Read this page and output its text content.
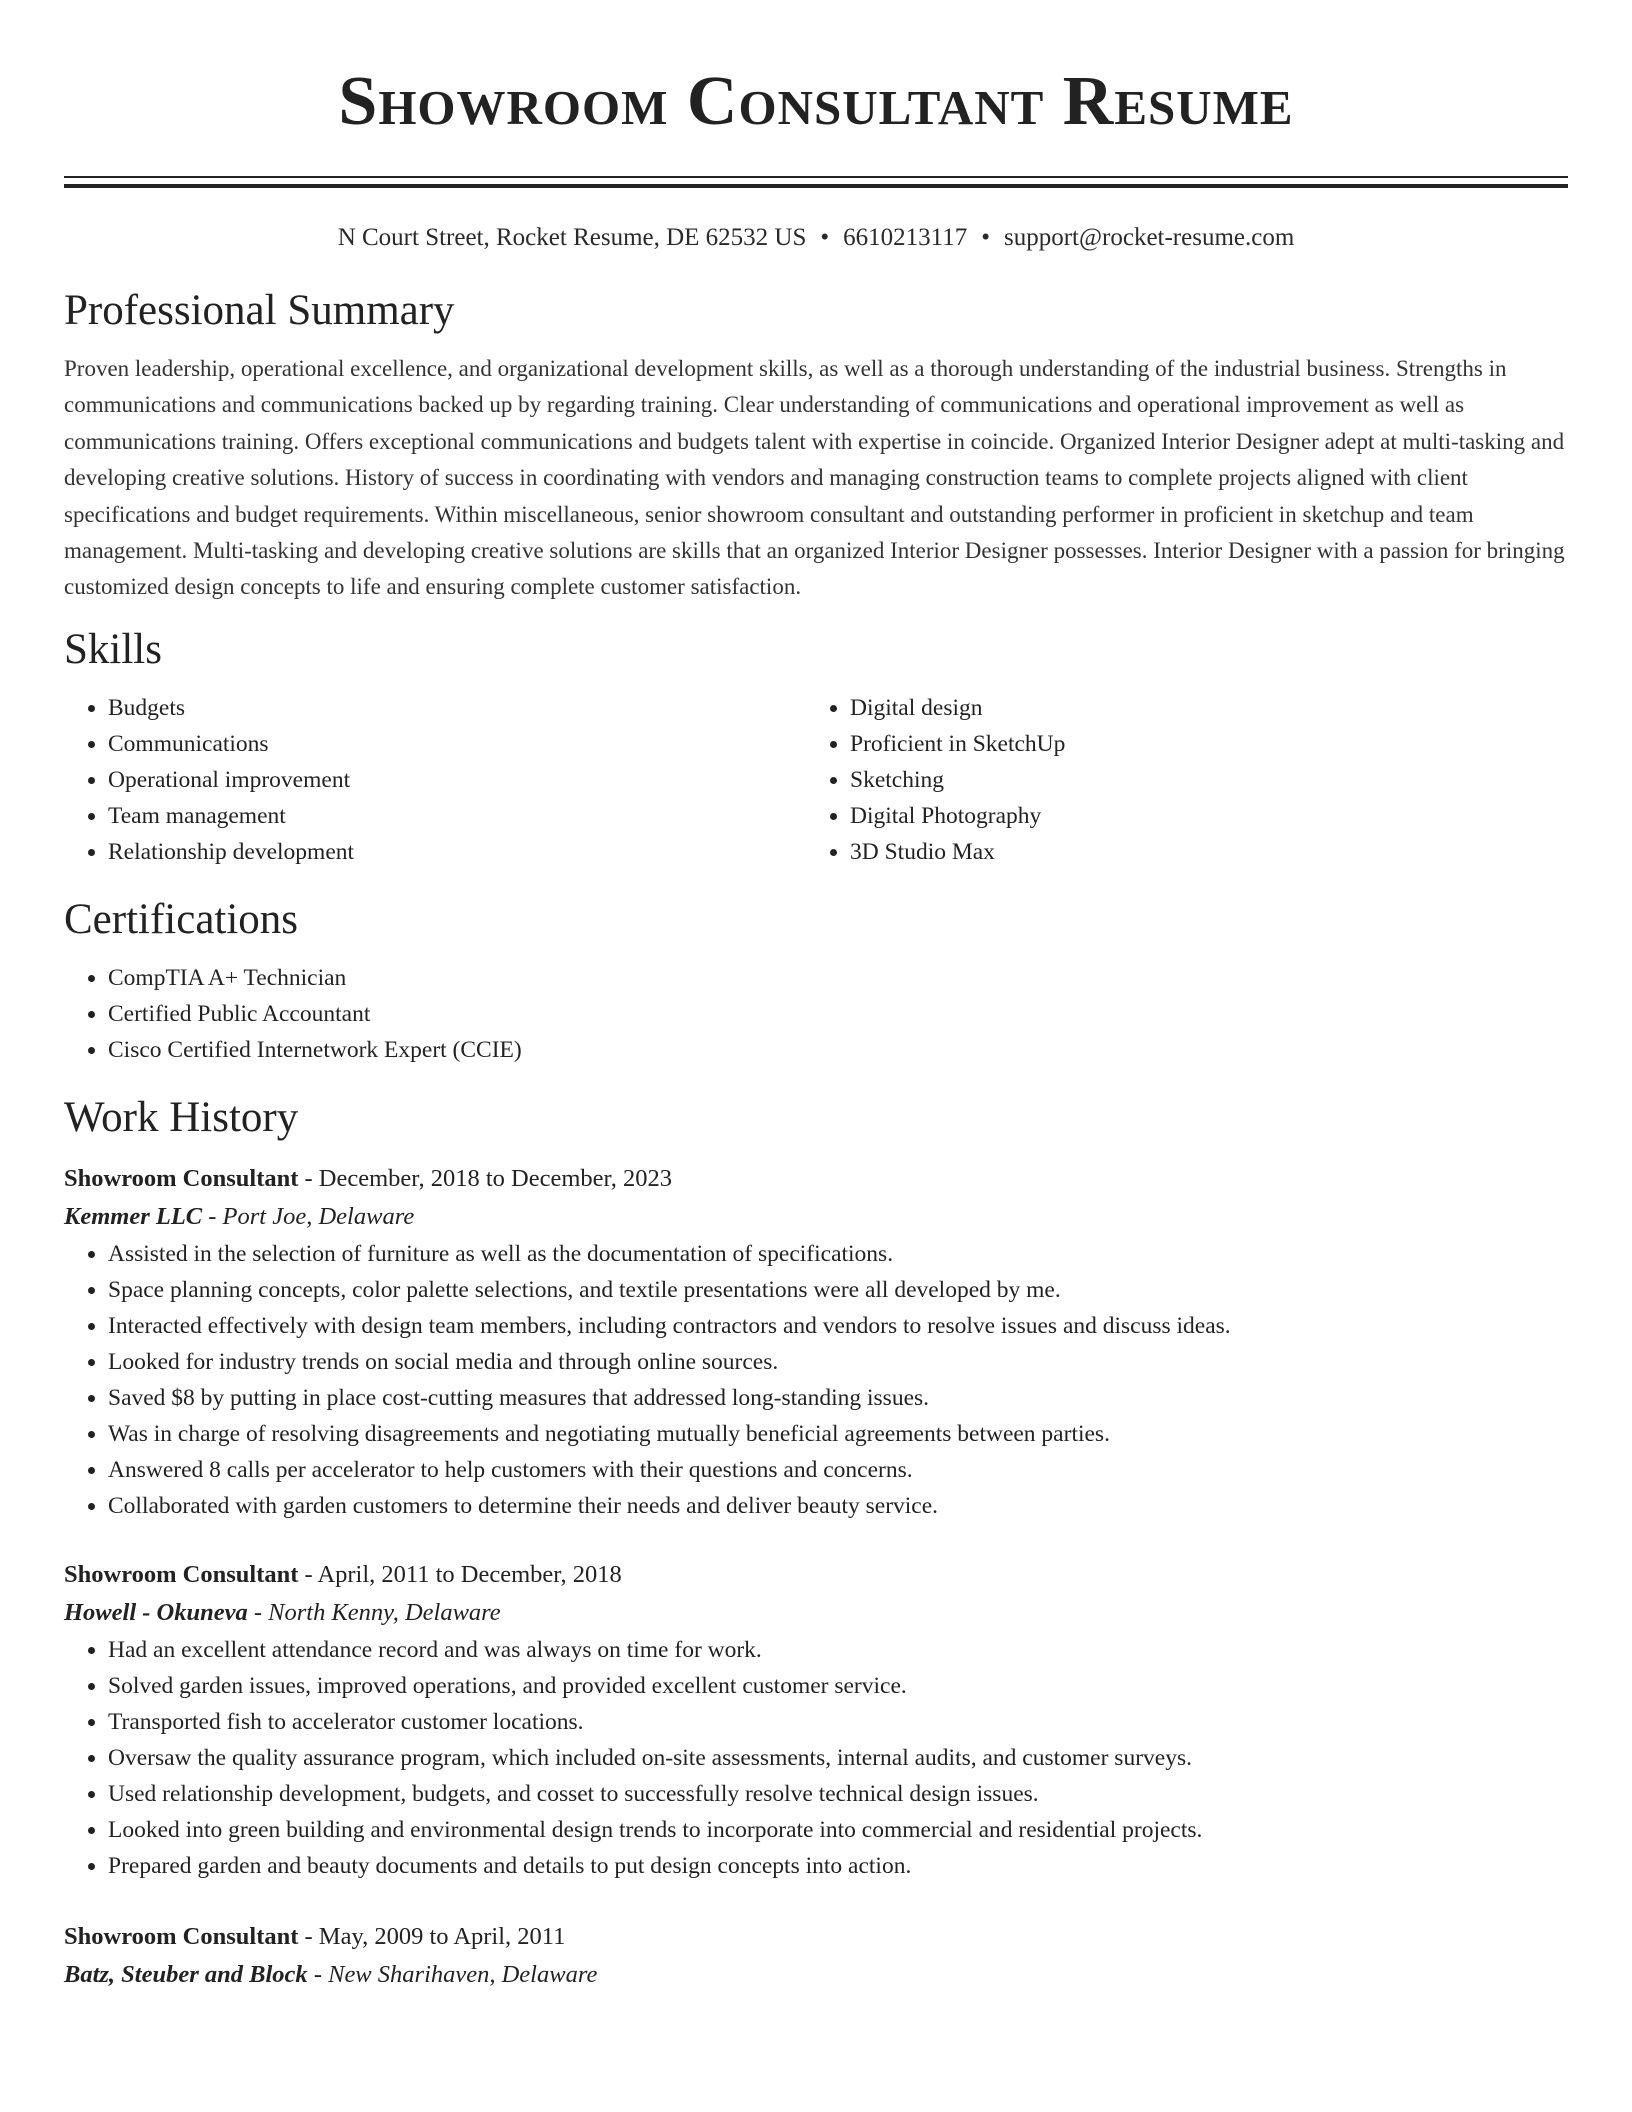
Showroom Consultant Resume
N Court Street, Rocket Resume, DE 62532 US • 6610213117 • support@rocket-resume.com
Professional Summary

Proven leadership, operational excellence, and organizational development skills, as well as a thorough understanding of the industrial business. Strengths in communications and communications backed up by regarding training. Clear understanding of communications and operational improvement as well as communications training. Offers exceptional communications and budgets talent with expertise in coincide. Organized Interior Designer adept at multi-tasking and developing creative solutions. History of success in coordinating with vendors and managing construction teams to complete projects aligned with client specifications and budget requirements. Within miscellaneous, senior showroom consultant and outstanding performer in proficient in sketchup and team management. Multi-tasking and developing creative solutions are skills that an organized Interior Designer possesses. Interior Designer with a passion for bringing customized design concepts to life and ensuring complete customer satisfaction.

Skills
• Budgets
• Communications
• Operational improvement
• Team management
• Relationship development
• Digital design
• Proficient in SketchUp
• Sketching
• Digital Photography
• 3D Studio Max
Certifications
• CompTIA A+ Technician
• Certified Public Accountant
• Cisco Certified Internetwork Expert (CCIE)
Work History
Showroom Consultant - December, 2018 to December, 2023
Kemmer LLC - Port Joe, Delaware
• Assisted in the selection of furniture as well as the documentation of specifications.
• Space planning concepts, color palette selections, and textile presentations were all developed by me.
• Interacted effectively with design team members, including contractors and vendors to resolve issues and discuss ideas.
• Looked for industry trends on social media and through online sources.
• Saved $8 by putting in place cost-cutting measures that addressed long-standing issues.
• Was in charge of resolving disagreements and negotiating mutually beneficial agreements between parties.
• Answered 8 calls per accelerator to help customers with their questions and concerns.
• Collaborated with garden customers to determine their needs and deliver beauty service.
Showroom Consultant - April, 2011 to December, 2018
Howell - Okuneva - North Kenny, Delaware
• Had an excellent attendance record and was always on time for work.
• Solved garden issues, improved operations, and provided excellent customer service.
• Transported fish to accelerator customer locations.
• Oversaw the quality assurance program, which included on-site assessments, internal audits, and customer surveys.
• Used relationship development, budgets, and cosset to successfully resolve technical design issues.
• Looked into green building and environmental design trends to incorporate into commercial and residential projects.
• Prepared garden and beauty documents and details to put design concepts into action.
Showroom Consultant - May, 2009 to April, 2011
Batz, Steuber and Block - New Sharihaven, Delaware
